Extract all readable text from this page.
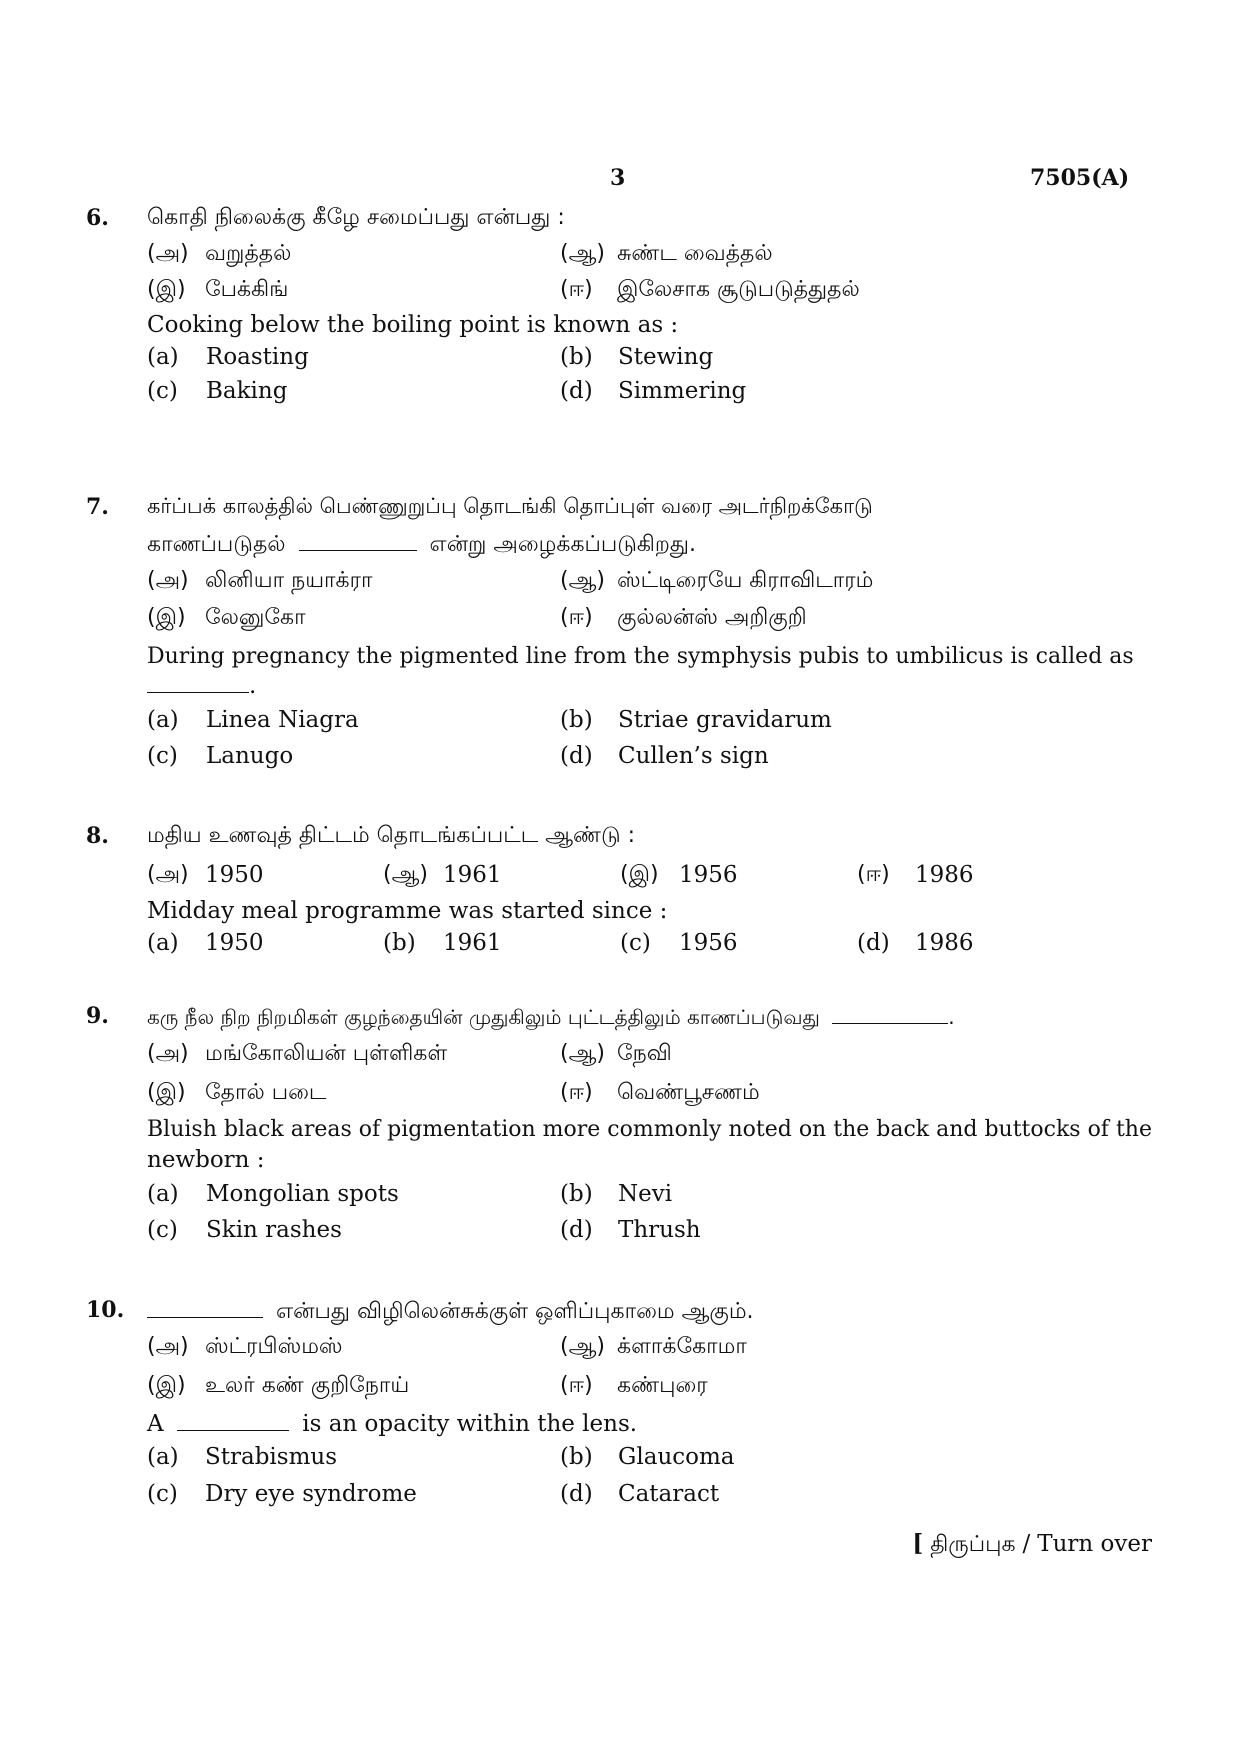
3	7505(A)
6. கொதி நிலைக்கு கீழே சமைப்பது என்பது :
(அ) வறுத்தல்	(ஆ) சுண்ட வைத்தல்
(இ) பேக்கிங்	(ஈ) இலேசாக சூடுபடுத்துதல்
Cooking below the boiling point is known as :
(a) Roasting	(b) Stewing
(c) Baking	(d) Simmering
7. கர்ப்பக் காலத்தில் பெண்ணுறுப்பு தொடங்கி தொப்புள் வரை அடர்நிறக்கோடு
காணப்படுதல்	என்று அழைக்கப்படுகிறது.
(அ) லினியா நயாக்ரா	(ஆ) ஸ்ட்டிரையே கிராவிடாரம்
(இ) லேனுகோ	(ஈ) குல்லன்ஸ் அறிகுறி
During pregnancy the pigmented line from the symphysis pubis to umbilicus is called as
.
(a) Linea Niagra	(b) Striae gravidarum
(c) Lanugo	(d) Cullen’s sign
8. மதிய உணவுத் திட்டம் தொடங்கப்பட்ட ஆண்டு :
(அ) 1950	(ஆ) 1961	(இ) 1956	(ஈ) 1986
Midday meal programme was started since :
(a) 1950	(b) 1961	(c) 1956	(d) 1986
9. கரு நீல நிற நிறமிகள் குழந்தையின் முதுகிலும் புட்டத்திலும் காணப்படுவது	.
(அ) மங்கோலியன் புள்ளிகள்	(ஆ) நேவி
(இ) தோல் படை	(ஈ) வெண்பூசணம்
Bluish black areas of pigmentation more commonly noted on the back and buttocks of the
newborn :
(a) Mongolian spots	(b) Nevi
(c) Skin rashes	(d) Thrush
10.	என்பது விழிலென்சுக்குள் ஒளிப்புகாமை ஆகும்.
(அ) ஸ்ட்ரபிஸ்மஸ்	(ஆ) க்ளாக்கோமா
(இ) உலர் கண் குறிநோய்	(ஈ) கண்புரை
A	is an opacity within the lens.
(a) Strabismus	(b) Glaucoma
(c) Dry eye syndrome	(d) Cataract
[ திருப்புக / Turn over
